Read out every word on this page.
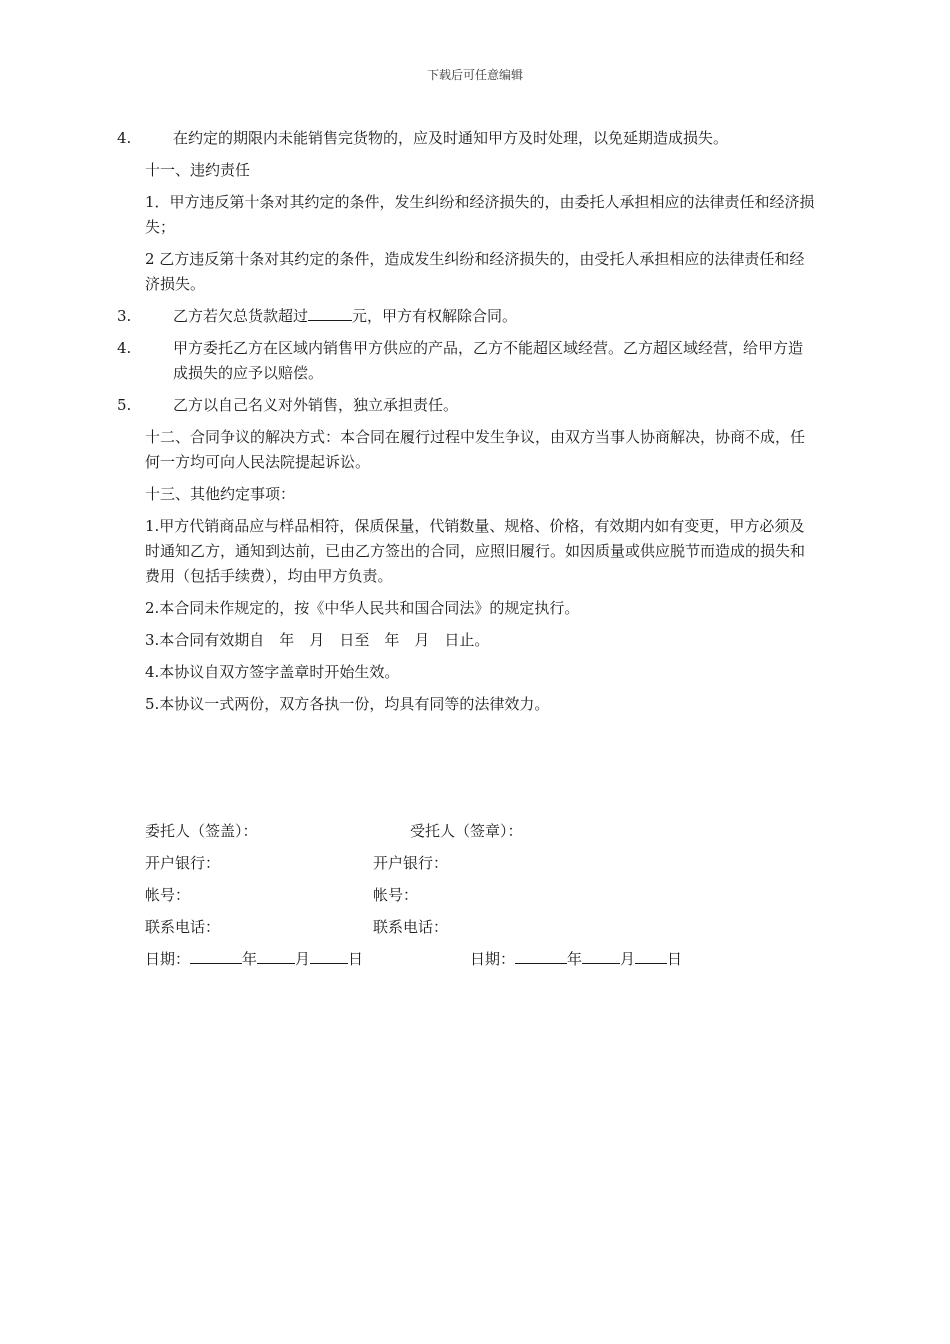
下载后可任意编辑

4.	在约定的期限内未能销售完货物的，应及时通知甲方及时处理，以免延期造成损失。

十一、违约责任

1．甲方违反第十条对其约定的条件，发生纠纷和经济损失的，由委托人承担相应的法律责任和经济损失；

2 乙方违反第十条对其约定的条件，造成发生纠纷和经济损失的，由受托人承担相应的法律责任和经济损失。

3.	乙方若欠总货款超过	元，甲方有权解除合同。

4.	甲方委托乙方在区域内销售甲方供应的产品，乙方不能超区域经营。乙方超区域经营，给甲方造成损失的应予以赔偿。

5.	乙方以自己名义对外销售，独立承担责任。

十二、合同争议的解决方式：本合同在履行过程中发生争议，由双方当事人协商解决，协商不成，任何一方均可向人民法院提起诉讼。

十三、其他约定事项：

1.甲方代销商品应与样品相符，保质保量，代销数量、规格、价格，有效期内如有变更，甲方必须及时通知乙方，通知到达前，已由乙方签出的合同，应照旧履行。如因质量或供应脱节而造成的损失和费用（包括手续费），均由甲方负责。

2.本合同未作规定的，按《中华人民共和国合同法》的规定执行。

3.本合同有效期自　年　月　日至　年　月　日止。

4.本协议自双方签字盖章时开始生效。

5.本协议一式两份，双方各执一份，均具有同等的法律效力。

委托人（签盖）：	受托人（签章）：
开户银行：	开户银行：
帐号：	帐号：
联系电话：	联系电话：
日期：	年	月	日	日期：	年	月 日
